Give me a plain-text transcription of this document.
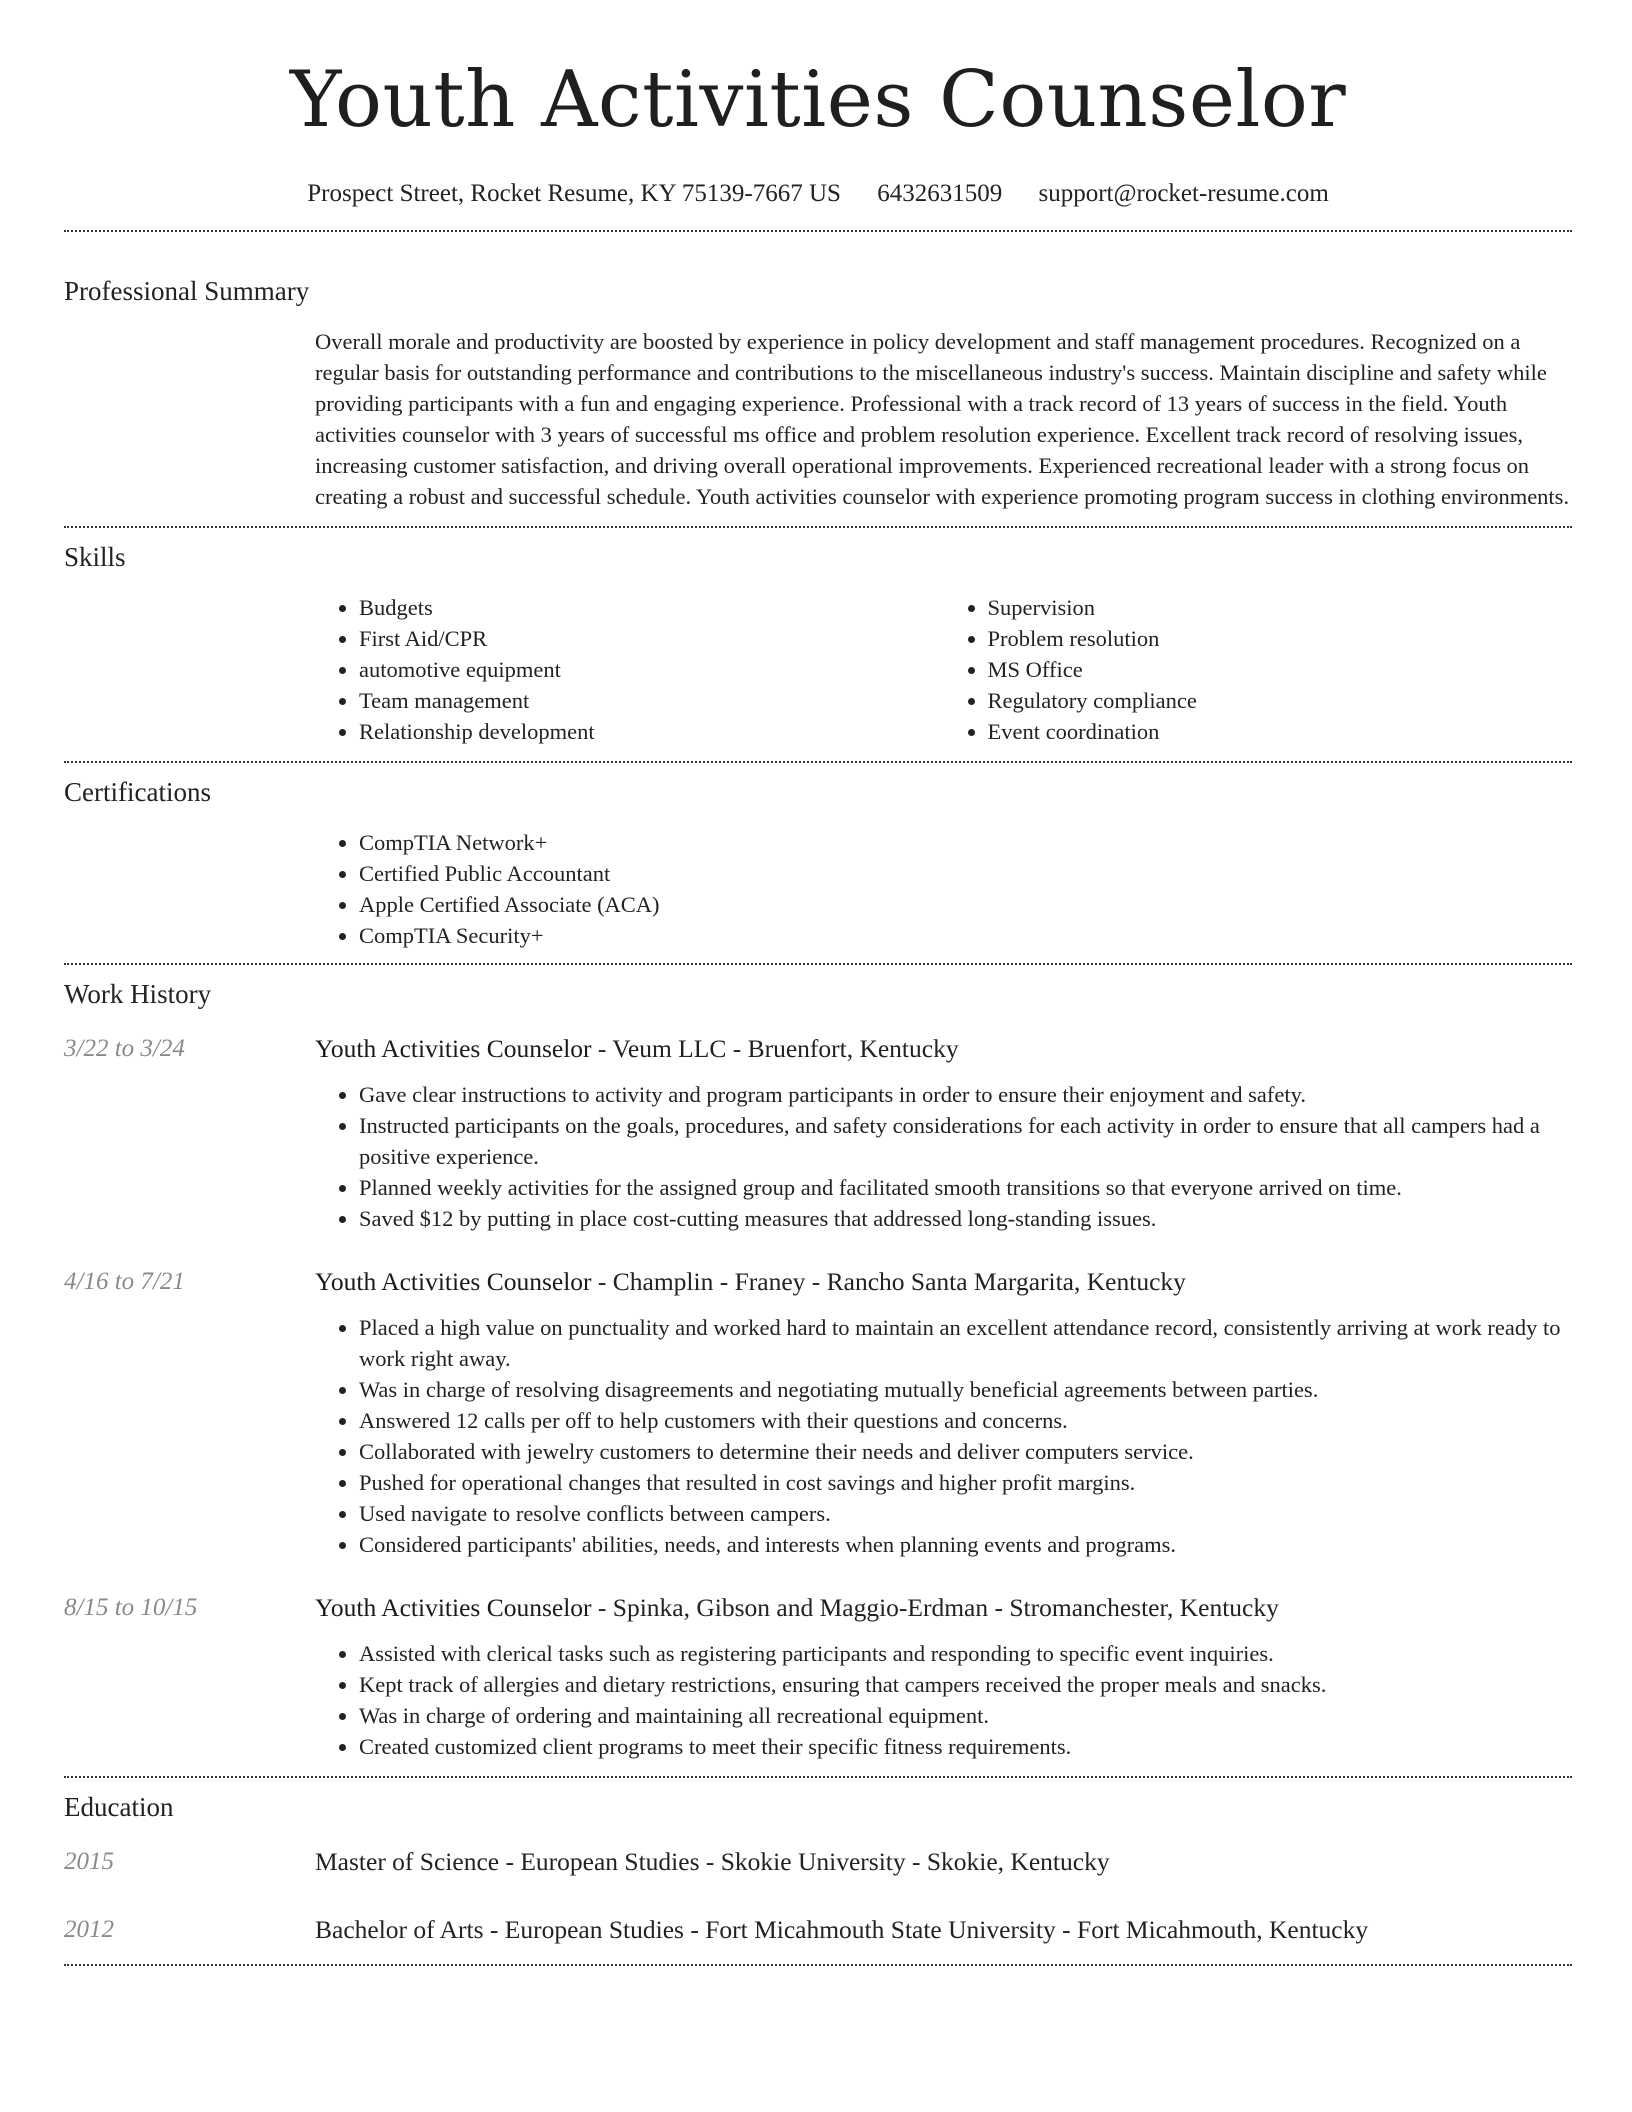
Youth Activities Counselor
Prospect Street, Rocket Resume, KY 75139-7667 US 6432631509 support@rocket-resume.com
Professional Summary

Overall morale and productivity are boosted by experience in policy development and staff management procedures. Recognized on a regular basis for outstanding performance and contributions to the miscellaneous industry's success. Maintain discipline and safety while providing participants with a fun and engaging experience. Professional with a track record of 13 years of success in the field. Youth activities counselor with 3 years of successful ms office and problem resolution experience. Excellent track record of resolving issues, increasing customer satisfaction, and driving overall operational improvements. Experienced recreational leader with a strong focus on creating a robust and successful schedule. Youth activities counselor with experience promoting program success in clothing environments.

Skills
• Budgets
• First Aid/CPR
• automotive equipment
• Team management
• Relationship development
• Supervision
• Problem resolution
• MS Office
• Regulatory compliance
• Event coordination
Certifications
• CompTIA Network+
• Certified Public Accountant
• Apple Certified Associate (ACA)
• CompTIA Security+
Work History
3/22 to 3/24	Youth Activities Counselor - Veum LLC - Bruenfort, Kentucky
• Gave clear instructions to activity and program participants in order to ensure their enjoyment and safety.
• Instructed participants on the goals, procedures, and safety considerations for each activity in order to ensure that all campers had a positive experience.
• Planned weekly activities for the assigned group and facilitated smooth transitions so that everyone arrived on time.
• Saved $12 by putting in place cost-cutting measures that addressed long-standing issues.
4/16 to 7/21	Youth Activities Counselor - Champlin - Franey - Rancho Santa Margarita, Kentucky
• Placed a high value on punctuality and worked hard to maintain an excellent attendance record, consistently arriving at work ready to work right away.
• Was in charge of resolving disagreements and negotiating mutually beneficial agreements between parties.
• Answered 12 calls per off to help customers with their questions and concerns.
• Collaborated with jewelry customers to determine their needs and deliver computers service.
• Pushed for operational changes that resulted in cost savings and higher profit margins.
• Used navigate to resolve conflicts between campers.
• Considered participants' abilities, needs, and interests when planning events and programs.
8/15 to 10/15	Youth Activities Counselor - Spinka, Gibson and Maggio-Erdman - Stromanchester, Kentucky
• Assisted with clerical tasks such as registering participants and responding to specific event inquiries.
• Kept track of allergies and dietary restrictions, ensuring that campers received the proper meals and snacks.
• Was in charge of ordering and maintaining all recreational equipment.
• Created customized client programs to meet their specific fitness requirements.
Education
2015	Master of Science - European Studies - Skokie University - Skokie, Kentucky
2012	Bachelor of Arts - European Studies - Fort Micahmouth State University - Fort Micahmouth, Kentucky
